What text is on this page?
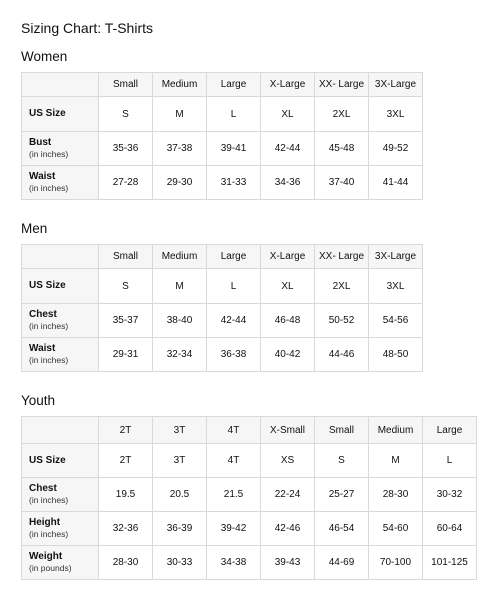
Sizing Chart: T-Shirts
Women
	Small	Medium	Large	X-Large	XX- Large	3X-Large

US Size	S	M	L	XL	2XL	3XL

Bust
(in inches)	35-36	37-38	39-41	42-44	45-48	49-52

Waist
(in inches)	27-28	29-30	31-33	34-36	37-40	41-44
Men
	Small	Medium	Large	X-Large	XX- Large	3X-Large

US Size	S	M	L	XL	2XL	3XL

Chest
(in inches)	35-37	38-40	42-44	46-48	50-52	54-56

Waist
(in inches)	29-31	32-34	36-38	40-42	44-46	48-50
Youth
	2T	3T	4T	X-Small	Small	Medium	Large

US Size	2T	3T	4T	XS	S	M	L

Chest
(in inches)	19.5	20.5	21.5	22-24	25-27	28-30	30-32

Height
(in inches)	32-36	36-39	39-42	42-46	46-54	54-60	60-64

Weight
(in pounds)	28-30	30-33	34-38	39-43	44-69	70-100	101-125
